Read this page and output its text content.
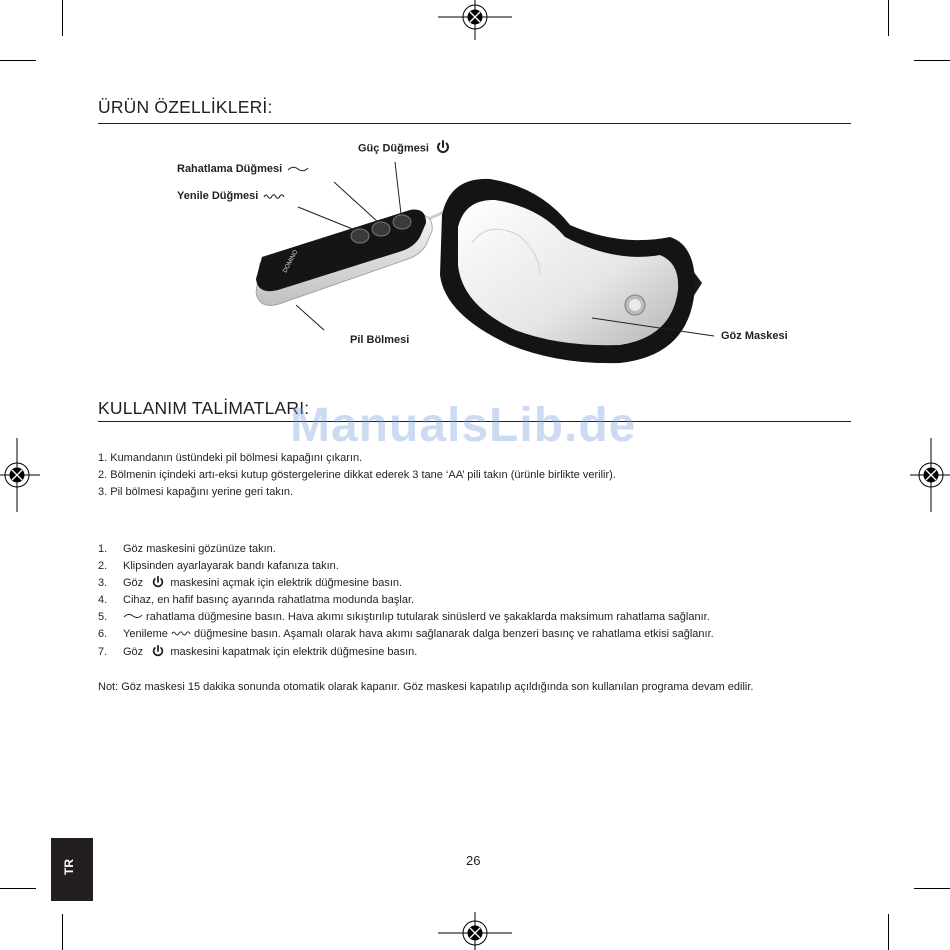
ÜRÜN ÖZELLİKLERİ:
DOMINO
Güç Düğmesi
Rahatlama Düğmesi
Yenile Düğmesi
Pil Bölmesi	Göz Maskesi
KULLANIM TALİMATLARI:
ManualsLib.de
1. Kumandanın üstündeki pil bölmesi kapağını çıkarın.
2. Bölmenin içindeki artı-eksi kutup göstergelerine dikkat ederek 3 tane ‘AA’ pili takın (ürünle birlikte verilir).
3. Pil bölmesi kapağını yerine geri takın.
1. Göz maskesini gözünüze takın.
2. Klipsinden ayarlayarak bandı kafanıza takın.
3. Göz   maskesini açmak için elektrik düğmesine basın.
4. Cihaz, en hafif basınç ayarında rahatlatma modunda başlar.
5.	rahatlama düğmesine basın. Hava akımı sıkıştırılıp tutularak sinüslerd ve şakaklarda maksimum rahatlama sağlanır.
6. Yenileme  düğmesine basın. Aşamalı olarak hava akımı sağlanarak dalga benzeri basınç ve rahatlama etkisi sağlanır.
7. Göz   maskesini kapatmak için elektrik düğmesine basın.
Not: Göz maskesi 15 dakika sonunda otomatik olarak kapanır. Göz maskesi kapatılıp açıldığında son kullanılan programa devam edilir.
26
TR
